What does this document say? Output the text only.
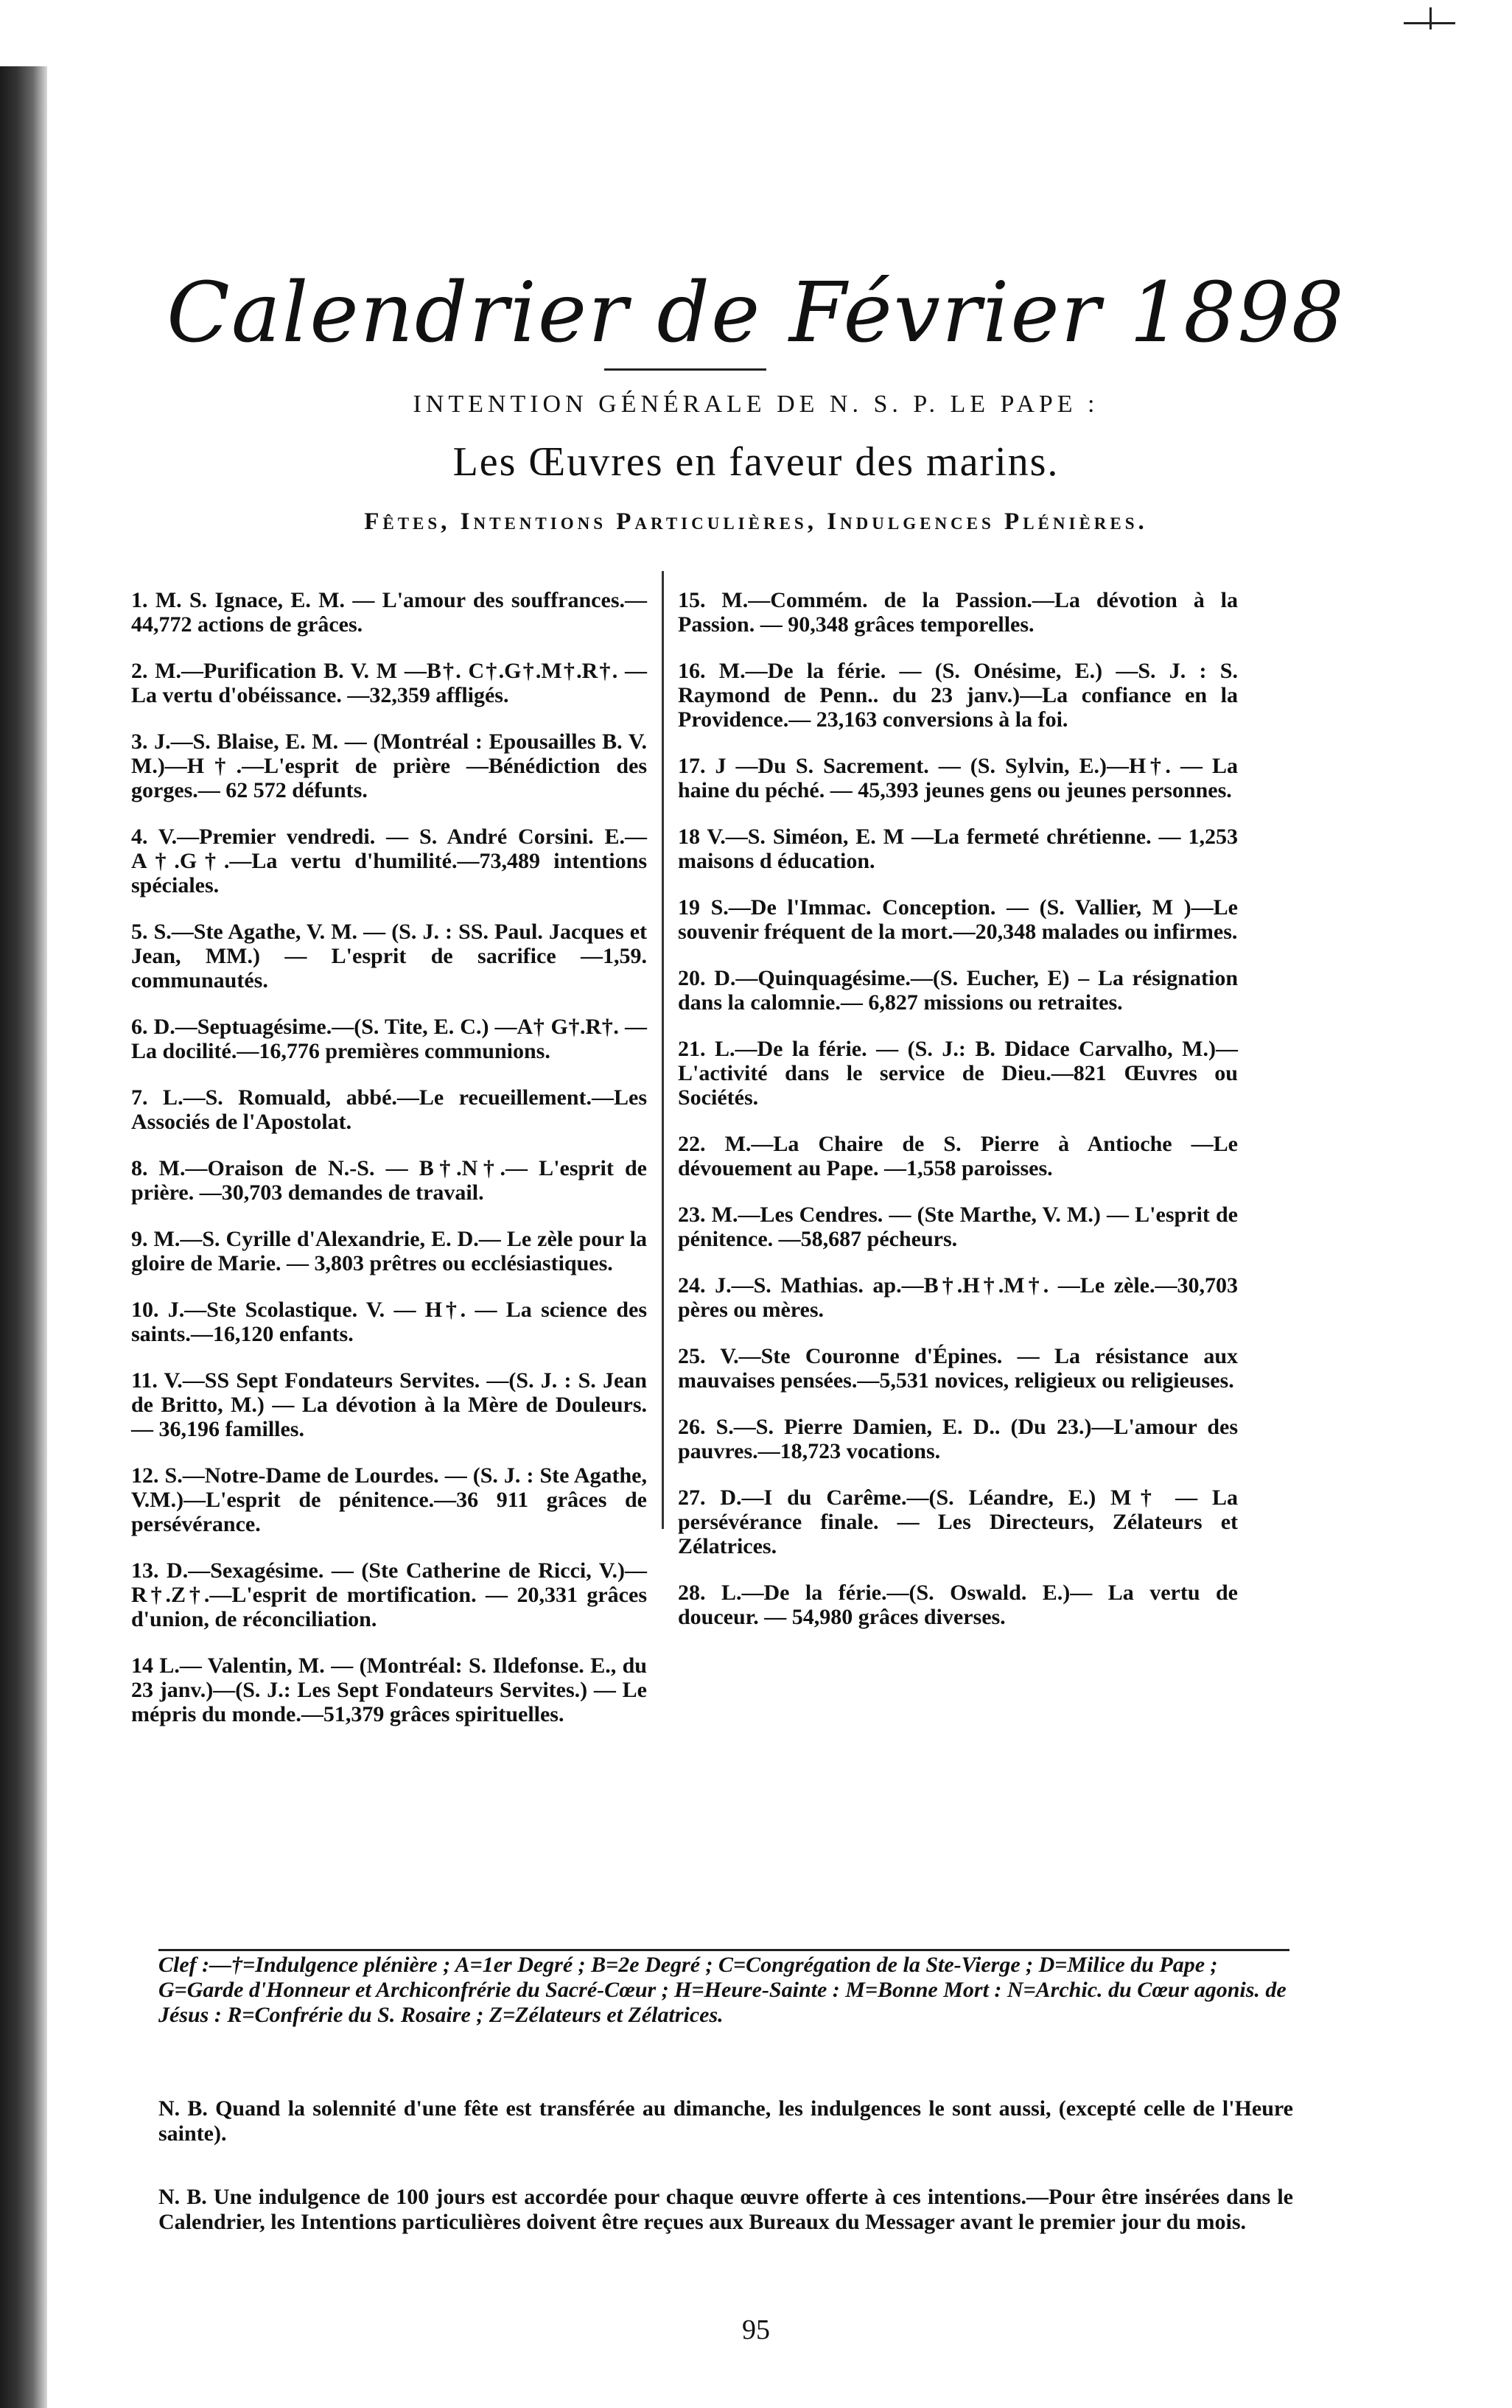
Calendrier de Février 1898
INTENTION GÉNÉRALE DE N. S. P. LE PAPE :
Les Œuvres en faveur des marins.
Fêtes, Intentions Particulières, Indulgences Plénières.

1. M. S. Ignace, E. M. — L'amour des souffrances.—44,772 actions de grâces.

2. M.—Purification B. V. M —B†. C†.G†.M†.R†. — La vertu d'obéissance. —32,359 affligés.

3. J.—S. Blaise, E. M. — (Montréal : Epousailles B. V. M.)—H†.—L'esprit de prière —Bénédiction des gorges.— 62 572 défunts.

4. V.—Premier vendredi. — S. André Corsini. E.—A†.G†.—La vertu d'humilité.—73,489 intentions spéciales.

5. S.—Ste Agathe, V. M. — (S. J. : SS. Paul. Jacques et Jean, MM.) — L'esprit de sacrifice —1,59. communautés.

6. D.—Septuagésime.—(S. Tite, E. C.) —A† G†.R†. — La docilité.—16,776 premières communions.

7. L.—S. Romuald, abbé.—Le recueillement.—Les Associés de l'Apostolat.

8. M.—Oraison de N.-S. — B†.N†.— L'esprit de prière. —30,703 demandes de travail.

9. M.—S. Cyrille d'Alexandrie, E. D.— Le zèle pour la gloire de Marie. — 3,803 prêtres ou ecclésiastiques.

10. J.—Ste Scolastique. V. — H†. — La science des saints.—16,120 enfants.

11. V.—SS Sept Fondateurs Servites. —(S. J. : S. Jean de Britto, M.) — La dévotion à la Mère de Douleurs. — 36,196 familles.

12. S.—Notre-Dame de Lourdes. — (S. J. : Ste Agathe, V.M.)—L'esprit de pénitence.—36 911 grâces de persévérance.

13. D.—Sexagésime. — (Ste Catherine de Ricci, V.)—R†.Z†.—L'esprit de mortification. — 20,331 grâces d'union, de réconciliation.

14 L.— Valentin, M. — (Montréal: S. Ildefonse. E., du 23 janv.)—(S. J.: Les Sept Fondateurs Servites.) — Le mépris du monde.—51,379 grâces spirituelles.

15. M.—Commém. de la Passion.—La dévotion à la Passion. — 90,348 grâces temporelles.

16. M.—De la férie. — (S. Onésime, E.) —S. J. : S. Raymond de Penn.. du 23 janv.)—La confiance en la Providence.— 23,163 conversions à la foi.

17. J —Du S. Sacrement. — (S. Sylvin, E.)—H†. — La haine du péché. — 45,393 jeunes gens ou jeunes personnes.

18 V.—S. Siméon, E. M —La fermeté chrétienne. — 1,253 maisons d éducation.

19 S.—De l'Immac. Conception. — (S. Vallier, M )—Le souvenir fréquent de la mort.—20,348 malades ou infirmes.

20. D.—Quinquagésime.—(S. Eucher, E) – La résignation dans la calomnie.— 6,827 missions ou retraites.

21. L.—De la férie. — (S. J.: B. Didace Carvalho, M.)—L'activité dans le service de Dieu.—821 Œuvres ou Sociétés.

22. M.—La Chaire de S. Pierre à Antioche —Le dévouement au Pape. —1,558 paroisses.

23. M.—Les Cendres. — (Ste Marthe, V. M.) — L'esprit de pénitence. —58,687 pécheurs.

24. J.—S. Mathias. ap.—B†.H†.M†. —Le zèle.—30,703 pères ou mères.

25. V.—Ste Couronne d'Épines. — La résistance aux mauvaises pensées.—5,531 novices, religieux ou religieuses.

26. S.—S. Pierre Damien, E. D.. (Du 23.)—L'amour des pauvres.—18,723 vocations.

27. D.—I du Carême.—(S. Léandre, E.) M† — La persévérance finale. — Les Directeurs, Zélateurs et Zélatrices.

28. L.—De la férie.—(S. Oswald. E.)— La vertu de douceur. — 54,980 grâces diverses.

Clef :—†=Indulgence plénière ; A=1er Degré ; B=2e Degré ; C=Congrégation de la Ste-Vierge ; D=Milice du Pape ; G=Garde d'Honneur et Archiconfrérie du Sacré-Cœur ; H=Heure-Sainte : M=Bonne Mort : N=Archic. du Cœur agonis. de Jésus : R=Confrérie du S. Rosaire ; Z=Zélateurs et Zélatrices.
N. B. Quand la solennité d'une fête est transférée au dimanche, les indulgences le sont aussi, (excepté celle de l'Heure sainte).
N. B. Une indulgence de 100 jours est accordée pour chaque œuvre offerte à ces intentions.—Pour être insérées dans le Calendrier, les Intentions particulières doivent être reçues aux Bureaux du Messager avant le premier jour du mois.
95
